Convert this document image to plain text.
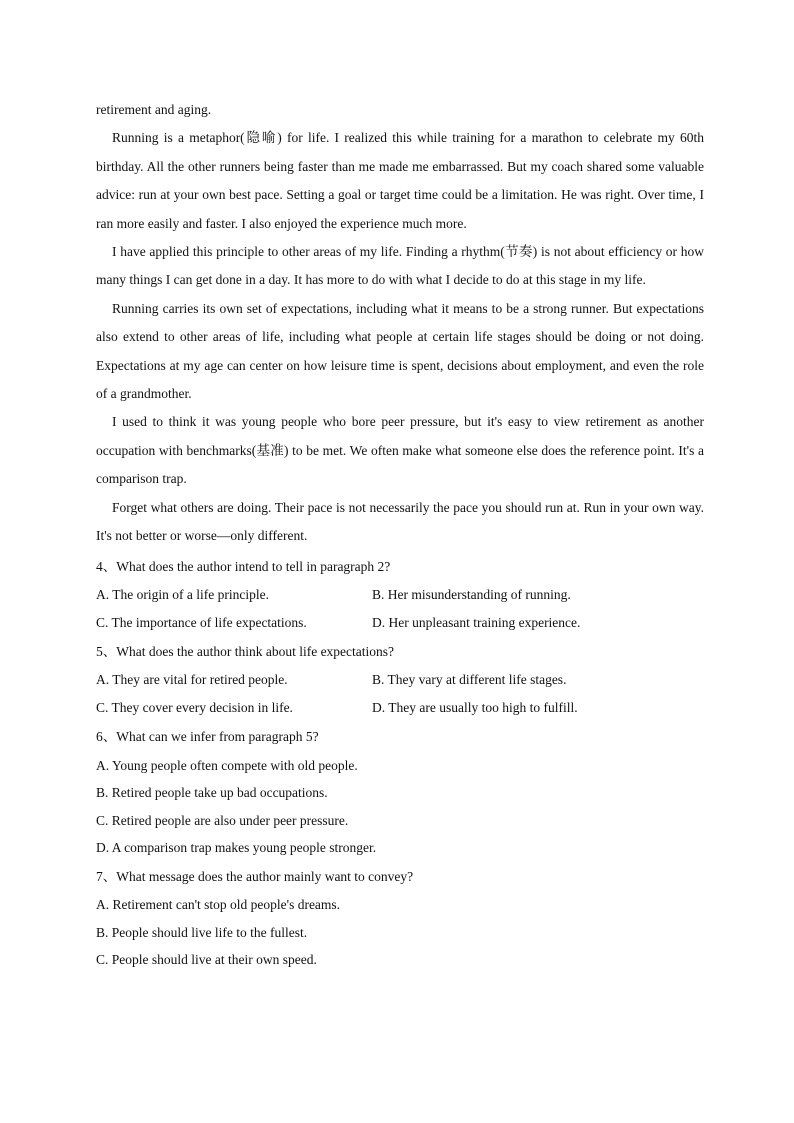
retirement and aging.

Running is a metaphor(隐喻) for life. I realized this while training for a marathon to celebrate my 60th birthday. All the other runners being faster than me made me embarrassed. But my coach shared some valuable advice: run at your own best pace. Setting a goal or target time could be a limitation. He was right. Over time, I ran more easily and faster. I also enjoyed the experience much more.

I have applied this principle to other areas of my life. Finding a rhythm(节奏) is not about efficiency or how many things I can get done in a day. It has more to do with what I decide to do at this stage in my life.

Running carries its own set of expectations, including what it means to be a strong runner. But expectations also extend to other areas of life, including what people at certain life stages should be doing or not doing. Expectations at my age can center on how leisure time is spent, decisions about employment, and even the role of a grandmother.

I used to think it was young people who bore peer pressure, but it's easy to view retirement as another occupation with benchmarks(基准) to be met. We often make what someone else does the reference point. It's a comparison trap.

Forget what others are doing. Their pace is not necessarily the pace you should run at. Run in your own way. It's not better or worse—only different.

4、What does the author intend to tell in paragraph 2?

A. The origin of a life principle.	B. Her misunderstanding of running.
C. The importance of life expectations.	D. Her unpleasant training experience.

5、What does the author think about life expectations?

A. They are vital for retired people.	B. They vary at different life stages.
C. They cover every decision in life.	D. They are usually too high to fulfill.

6、What can we infer from paragraph 5?

A. Young people often compete with old people.
B. Retired people take up bad occupations.
C. Retired people are also under peer pressure.
D. A comparison trap makes young people stronger.

7、What message does the author mainly want to convey?

A. Retirement can't stop old people's dreams.
B. People should live life to the fullest.
C. People should live at their own speed.
